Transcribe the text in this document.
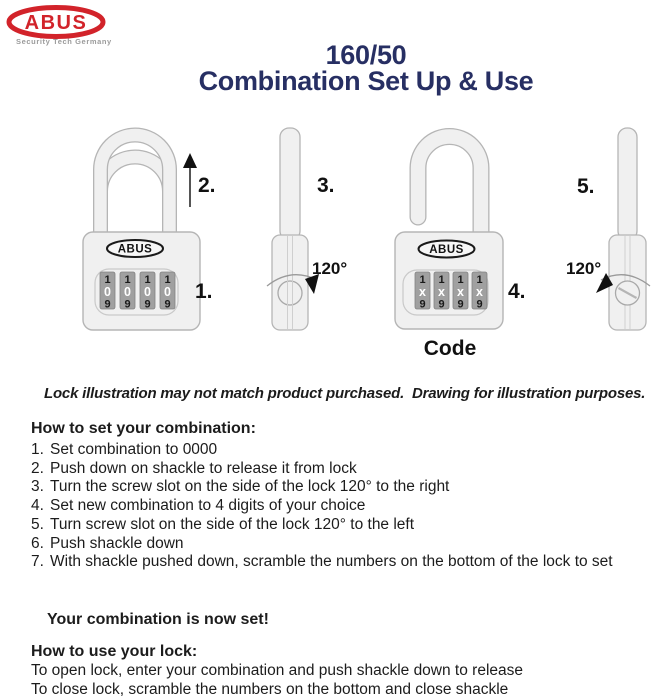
ABUS
Security Tech Germany	160/50
Combination Set Up & Use
ABUS
1
0
9
1
0
9
1
0
9
1
0
9
2.
1.
3.
120°
ABUS
1
x
9
1
x
9
1
x
9
1
x
9
4.
Code
5.
120°
Lock illustration may not match product purchased.  Drawing for illustration purposes.
How to set your combination:
1. Set combination to 0000
2. Push down on shackle to release it from lock
3. Turn the screw slot on the side of the lock 120° to the right
4. Set new combination to 4 digits of your choice
5. Turn screw slot on the side of the lock 120° to the left
6. Push shackle down
7. With shackle pushed down, scramble the numbers on the bottom of the lock to set
Your combination is now set!
How to use your lock:
To open lock, enter your combination and push shackle down to release
To close lock, scramble the numbers on the bottom and close shackle
